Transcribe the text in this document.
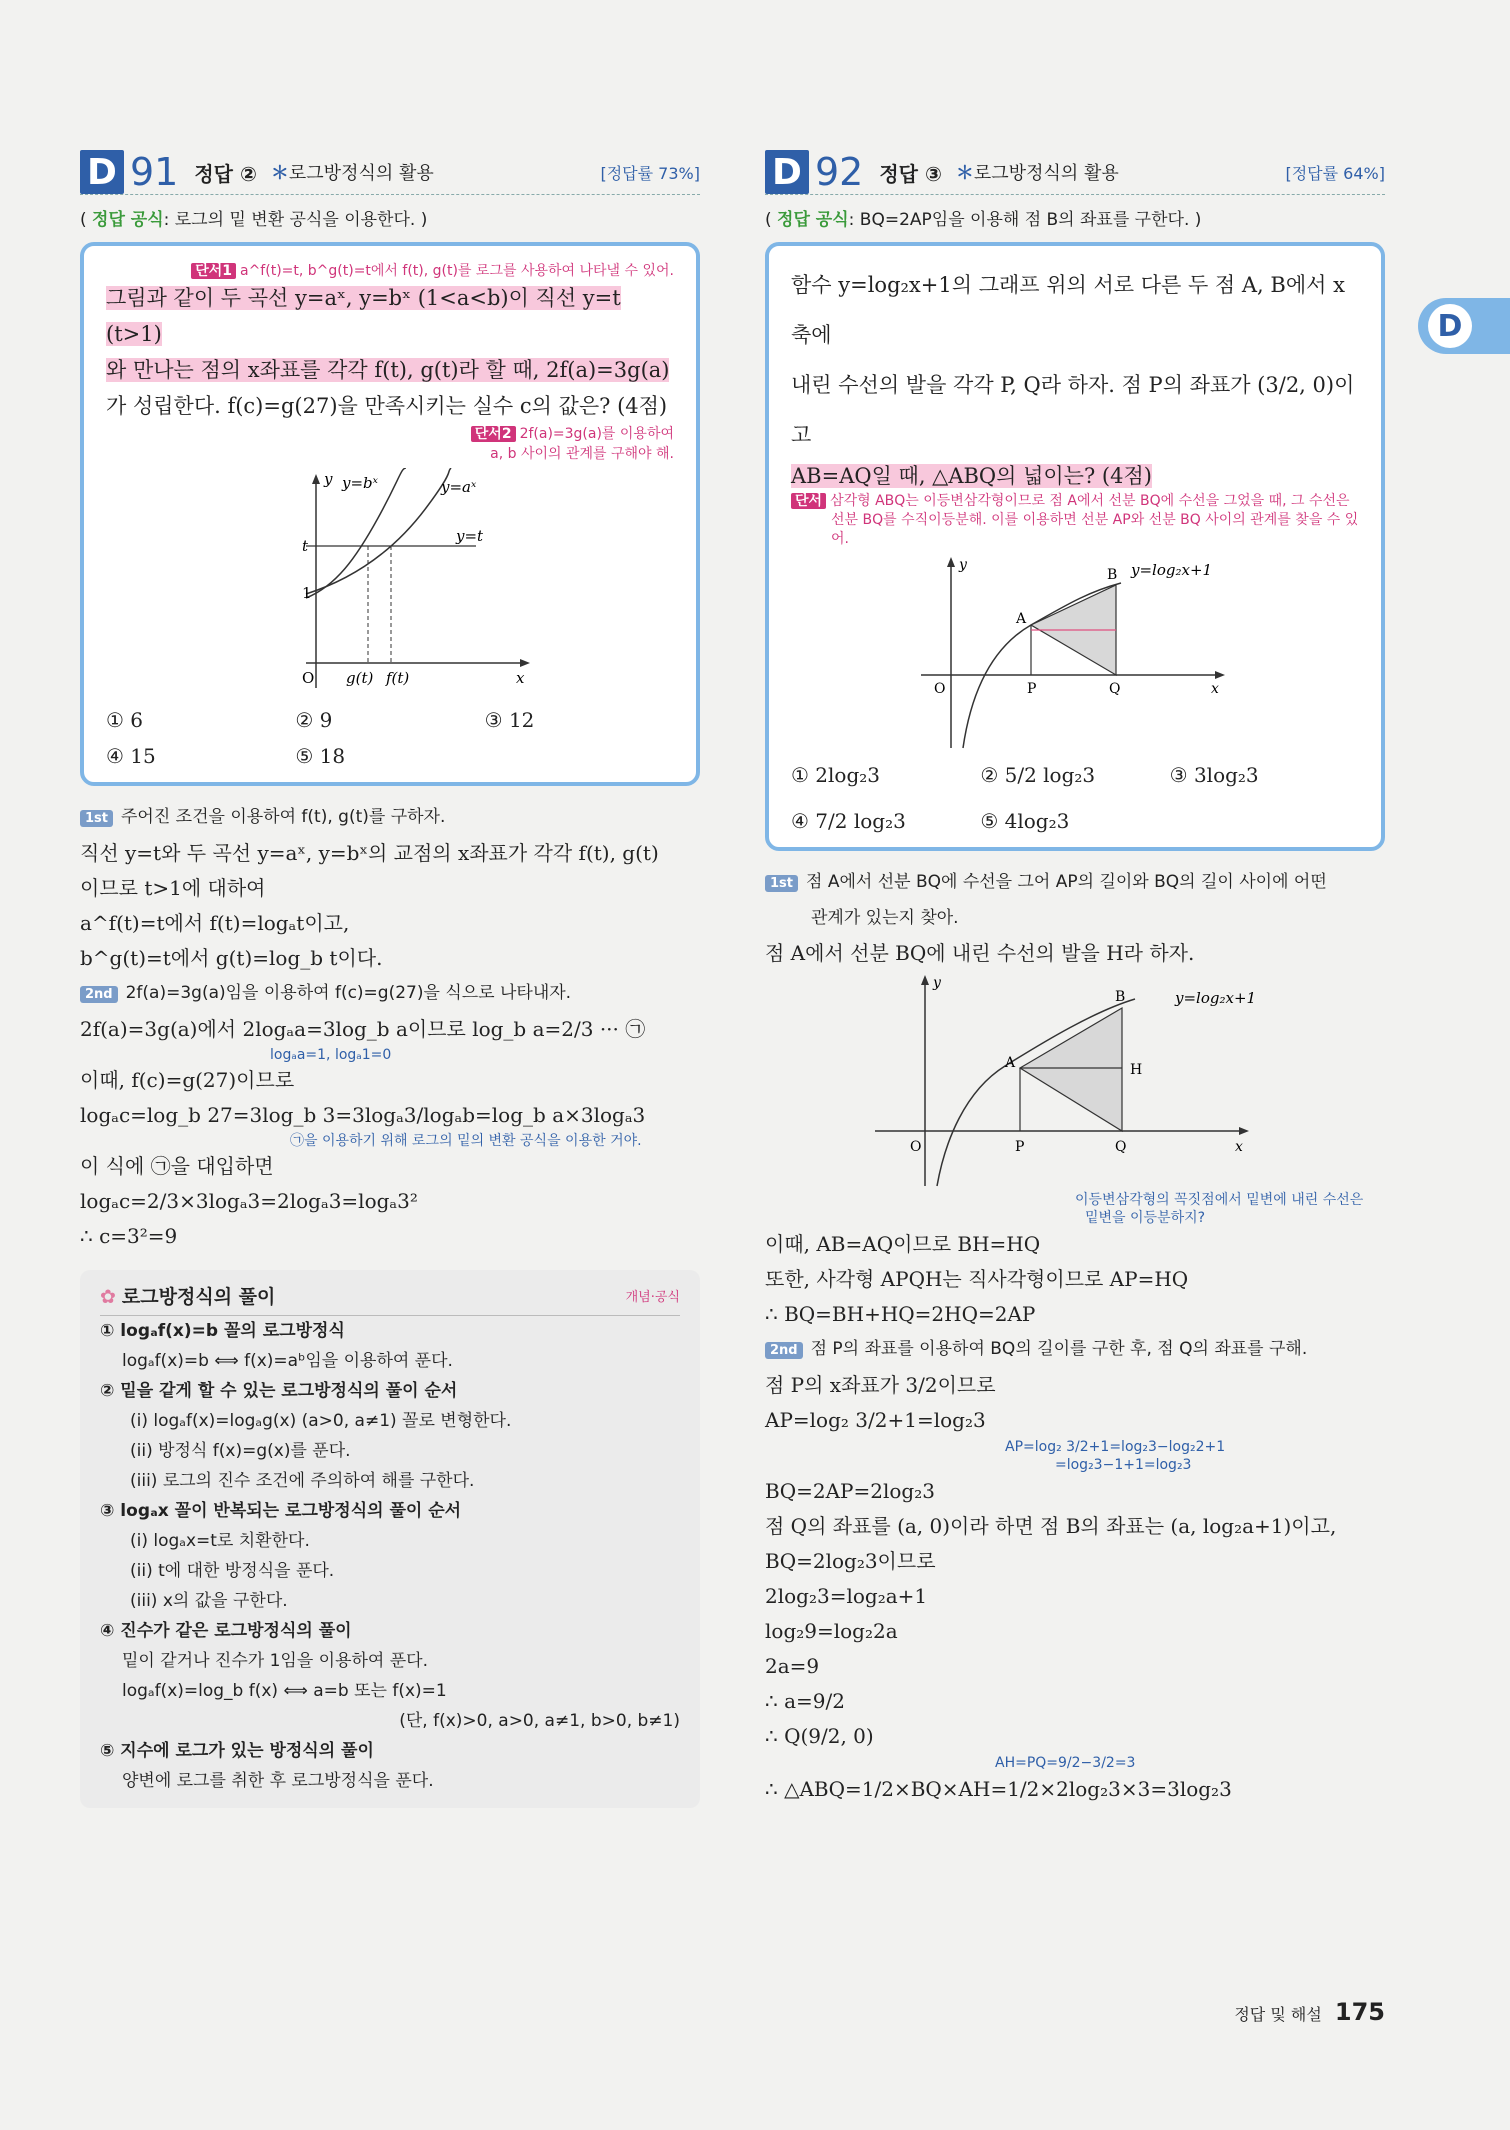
D 91 정답 ② ＊로그방정식의 활용	[정답률 73%]
( 정답 공식: 로그의 밑 변환 공식을 이용한다. )
단서1 a^f(t)=t, b^g(t)=t에서 f(t), g(t)를 로그를 사용하여 나타낼 수 있어.
그림과 같이 두 곡선 y=aˣ, y=bˣ (1<a<b)이 직선 y=t (t>1)
와 만나는 점의 x좌표를 각각 f(t), g(t)라 할 때, 2f(a)=3g(a)
가 성립한다. f(c)=g(27)을 만족시키는 실수 c의 값은? (4점)
단서2 2f(a)=3g(a)를 이용하여
a, b 사이의 관계를 구해야 해.
y
x
O
y=bˣ	y=aˣ
y=t
t
1
g(t) f(t)
① 6	② 9	③ 12
④ 15	⑤ 18
1st 주어진 조건을 이용하여 f(t), g(t)를 구하자.
직선 y=t와 두 곡선 y=aˣ, y=bˣ의 교점의 x좌표가 각각 f(t), g(t)
이므로 t>1에 대하여
a^f(t)=t에서 f(t)=logₐt이고,
b^g(t)=t에서 g(t)=log_b t이다.
2nd 2f(a)=3g(a)임을 이용하여 f(c)=g(27)을 식으로 나타내자.
2f(a)=3g(a)에서 2logₐa=3log_b a이므로 log_b a=2/3 ··· ㉠
logₐa=1, logₐ1=0
이때, f(c)=g(27)이므로
logₐc=log_b 27=3log_b 3=3logₐ3/logₐb=log_b a×3logₐ3
㉠을 이용하기 위해 로그의 밑의 변환 공식을 이용한 거야.
이 식에 ㉠을 대입하면
logₐc=2/3×3logₐ3=2logₐ3=logₐ3²
∴ c=3²=9
✿ 로그방정식의 풀이	개념·공식
① logₐf(x)=b 꼴의 로그방정식
logₐf(x)=b ⟺ f(x)=aᵇ임을 이용하여 푼다.
② 밑을 같게 할 수 있는 로그방정식의 풀이 순서
(i) logₐf(x)=logₐg(x) (a>0, a≠1) 꼴로 변형한다.
(ii) 방정식 f(x)=g(x)를 푼다.
(iii) 로그의 진수 조건에 주의하여 해를 구한다.
③ logₐx 꼴이 반복되는 로그방정식의 풀이 순서
(i) logₐx=t로 치환한다.
(ii) t에 대한 방정식을 푼다.
(iii) x의 값을 구한다.
④ 진수가 같은 로그방정식의 풀이
밑이 같거나 진수가 1임을 이용하여 푼다.
logₐf(x)=log_b f(x) ⟺ a=b 또는 f(x)=1
(단, f(x)>0, a>0, a≠1, b>0, b≠1)
⑤ 지수에 로그가 있는 방정식의 풀이
양변에 로그를 취한 후 로그방정식을 푼다.
D 92 정답 ③ ＊로그방정식의 활용	[정답률 64%]
( 정답 공식: BQ=2AP임을 이용해 점 B의 좌표를 구한다. )
함수 y=log₂x+1의 그래프 위의 서로 다른 두 점 A, B에서 x축에
내린 수선의 발을 각각 P, Q라 하자. 점 P의 좌표가 (3/2, 0)이고
AB=AQ일 때, △ABQ의 넓이는? (4점)
단서 삼각형 ABQ는 이등변삼각형이므로 점 A에서 선분 BQ에 수선을 그었을 때, 그 수선은
선분 BQ를 수직이등분해. 이를 이용하면 선분 AP와 선분 BQ 사이의 관계를 찾을 수 있어.
y
x
O
y=log₂x+1
A
B
P	Q
① 2log₂3	② 5/2 log₂3	③ 3log₂3
④ 7/2 log₂3	⑤ 4log₂3
1st 점 A에서 선분 BQ에 수선을 그어 AP의 길이와 BQ의 길이 사이에 어떤
관계가 있는지 찾아.
점 A에서 선분 BQ에 내린 수선의 발을 H라 하자.
y
x
O
y=log₂x+1
A
B
H
P	Q
이등변삼각형의 꼭짓점에서 밑변에 내린 수선은
밑변을 이등분하지?
이때, AB=AQ이므로 BH=HQ
또한, 사각형 APQH는 직사각형이므로 AP=HQ
∴ BQ=BH+HQ=2HQ=2AP
2nd 점 P의 좌표를 이용하여 BQ의 길이를 구한 후, 점 Q의 좌표를 구해.
점 P의 x좌표가 3/2이므로
AP=log₂ 3/2+1=log₂3
AP=log₂ 3/2+1=log₂3−log₂2+1
=log₂3−1+1=log₂3
BQ=2AP=2log₂3
점 Q의 좌표를 (a, 0)이라 하면 점 B의 좌표는 (a, log₂a+1)이고,
BQ=2log₂3이므로
2log₂3=log₂a+1
log₂9=log₂2a
2a=9
∴ a=9/2
∴ Q(9/2, 0)
AH=PQ=9/2−3/2=3
∴ △ABQ=1/2×BQ×AH=1/2×2log₂3×3=3log₂3
D
정답 및 해설 175
